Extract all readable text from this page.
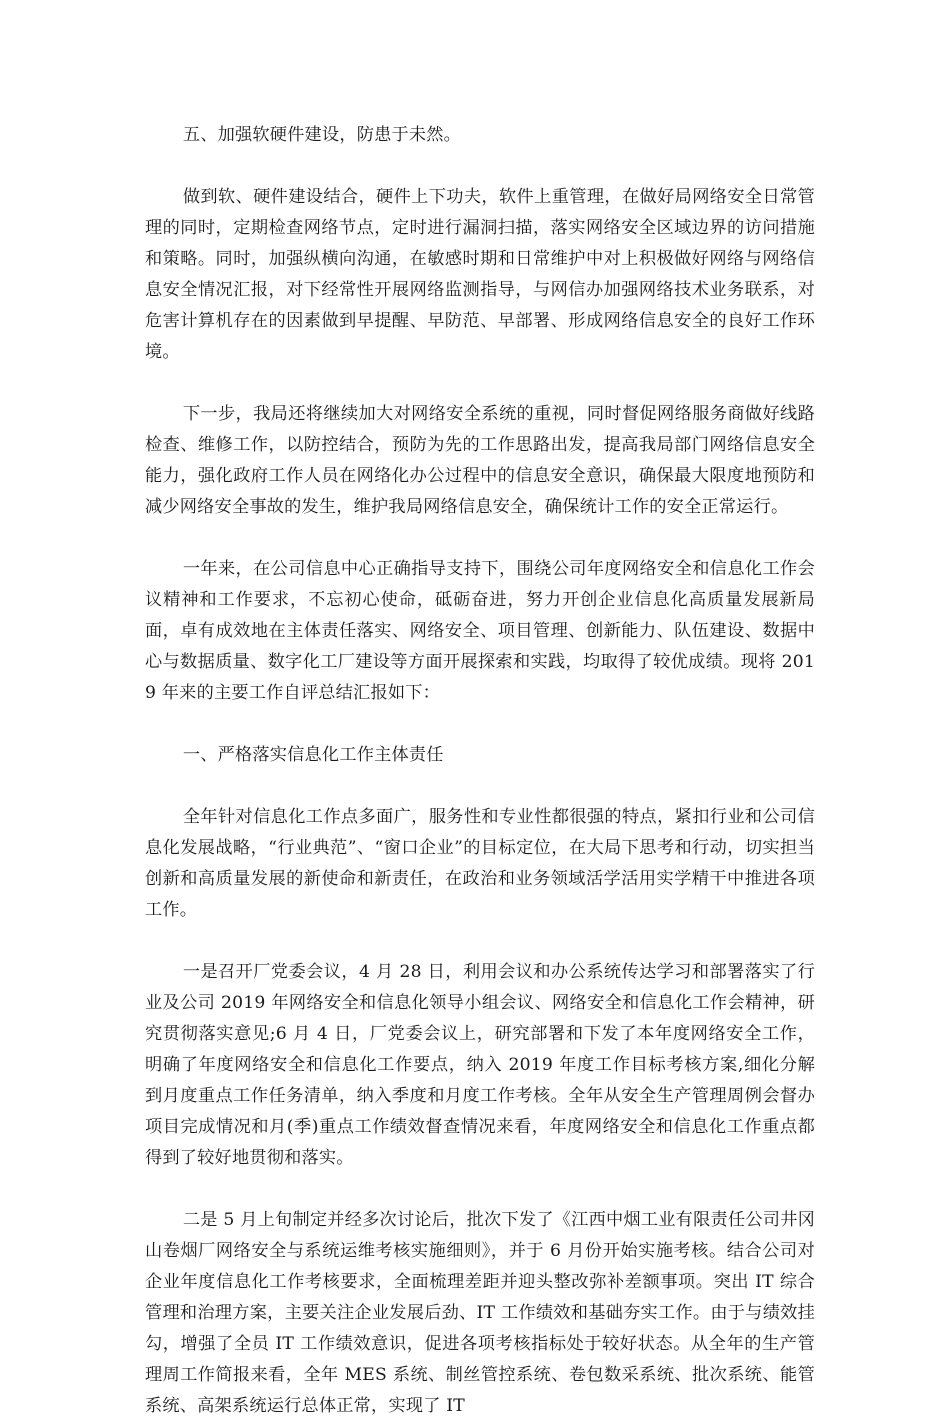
五、加强软硬件建设，防患于未然。

做到软、硬件建设结合，硬件上下功夫，软件上重管理，在做好局网络安全日常管理的同时，定期检查网络节点，定时进行漏洞扫描，落实网络安全区域边界的访问措施和策略。同时，加强纵横向沟通，在敏感时期和日常维护中对上积极做好网络与网络信息安全情况汇报，对下经常性开展网络监测指导，与网信办加强网络技术业务联系，对危害计算机存在的因素做到早提醒、早防范、早部署、形成网络信息安全的良好工作环境。

下一步，我局还将继续加大对网络安全系统的重视，同时督促网络服务商做好线路检查、维修工作，以防控结合，预防为先的工作思路出发，提高我局部门网络信息安全能力，强化政府工作人员在网络化办公过程中的信息安全意识，确保最大限度地预防和减少网络安全事故的发生，维护我局网络信息安全，确保统计工作的安全正常运行。

一年来，在公司信息中心正确指导支持下，围绕公司年度网络安全和信息化工作会议精神和工作要求，不忘初心使命，砥砺奋进，努力开创企业信息化高质量发展新局面，卓有成效地在主体责任落实、网络安全、项目管理、创新能力、队伍建设、数据中心与数据质量、数字化工厂建设等方面开展探索和实践，均取得了较优成绩。现将 2019 年来的主要工作自评总结汇报如下：

一、严格落实信息化工作主体责任

全年针对信息化工作点多面广，服务性和专业性都很强的特点，紧扣行业和公司信息化发展战略，“行业典范”、“窗口企业”的目标定位，在大局下思考和行动，切实担当创新和高质量发展的新使命和新责任，在政治和业务领域活学活用实学精干中推进各项工作。

一是召开厂党委会议，4 月 28 日，利用会议和办公系统传达学习和部署落实了行业及公司 2019 年网络安全和信息化领导小组会议、网络安全和信息化工作会精神，研究贯彻落实意见;6 月 4 日，厂党委会议上，研究部署和下发了本年度网络安全工作，明确了年度网络安全和信息化工作要点，纳入 2019 年度工作目标考核方案,细化分解到月度重点工作任务清单，纳入季度和月度工作考核。全年从安全生产管理周例会督办项目完成情况和月(季)重点工作绩效督查情况来看，年度网络安全和信息化工作重点都得到了较好地贯彻和落实。

二是 5 月上旬制定并经多次讨论后，批次下发了《江西中烟工业有限责任公司井冈山卷烟厂网络安全与系统运维考核实施细则》，并于 6 月份开始实施考核。结合公司对企业年度信息化工作考核要求，全面梳理差距并迎头整改弥补差额事项。突出 IT 综合管理和治理方案，主要关注企业发展后劲、IT 工作绩效和基础夯实工作。由于与绩效挂勾，增强了全员 IT 工作绩效意识，促进各项考核指标处于较好状态。从全年的生产管理周工作简报来看，全年 MES 系统、制丝管控系统、卷包数采系统、批次系统、能管系统、高架系统运行总体正常，实现了 IT
